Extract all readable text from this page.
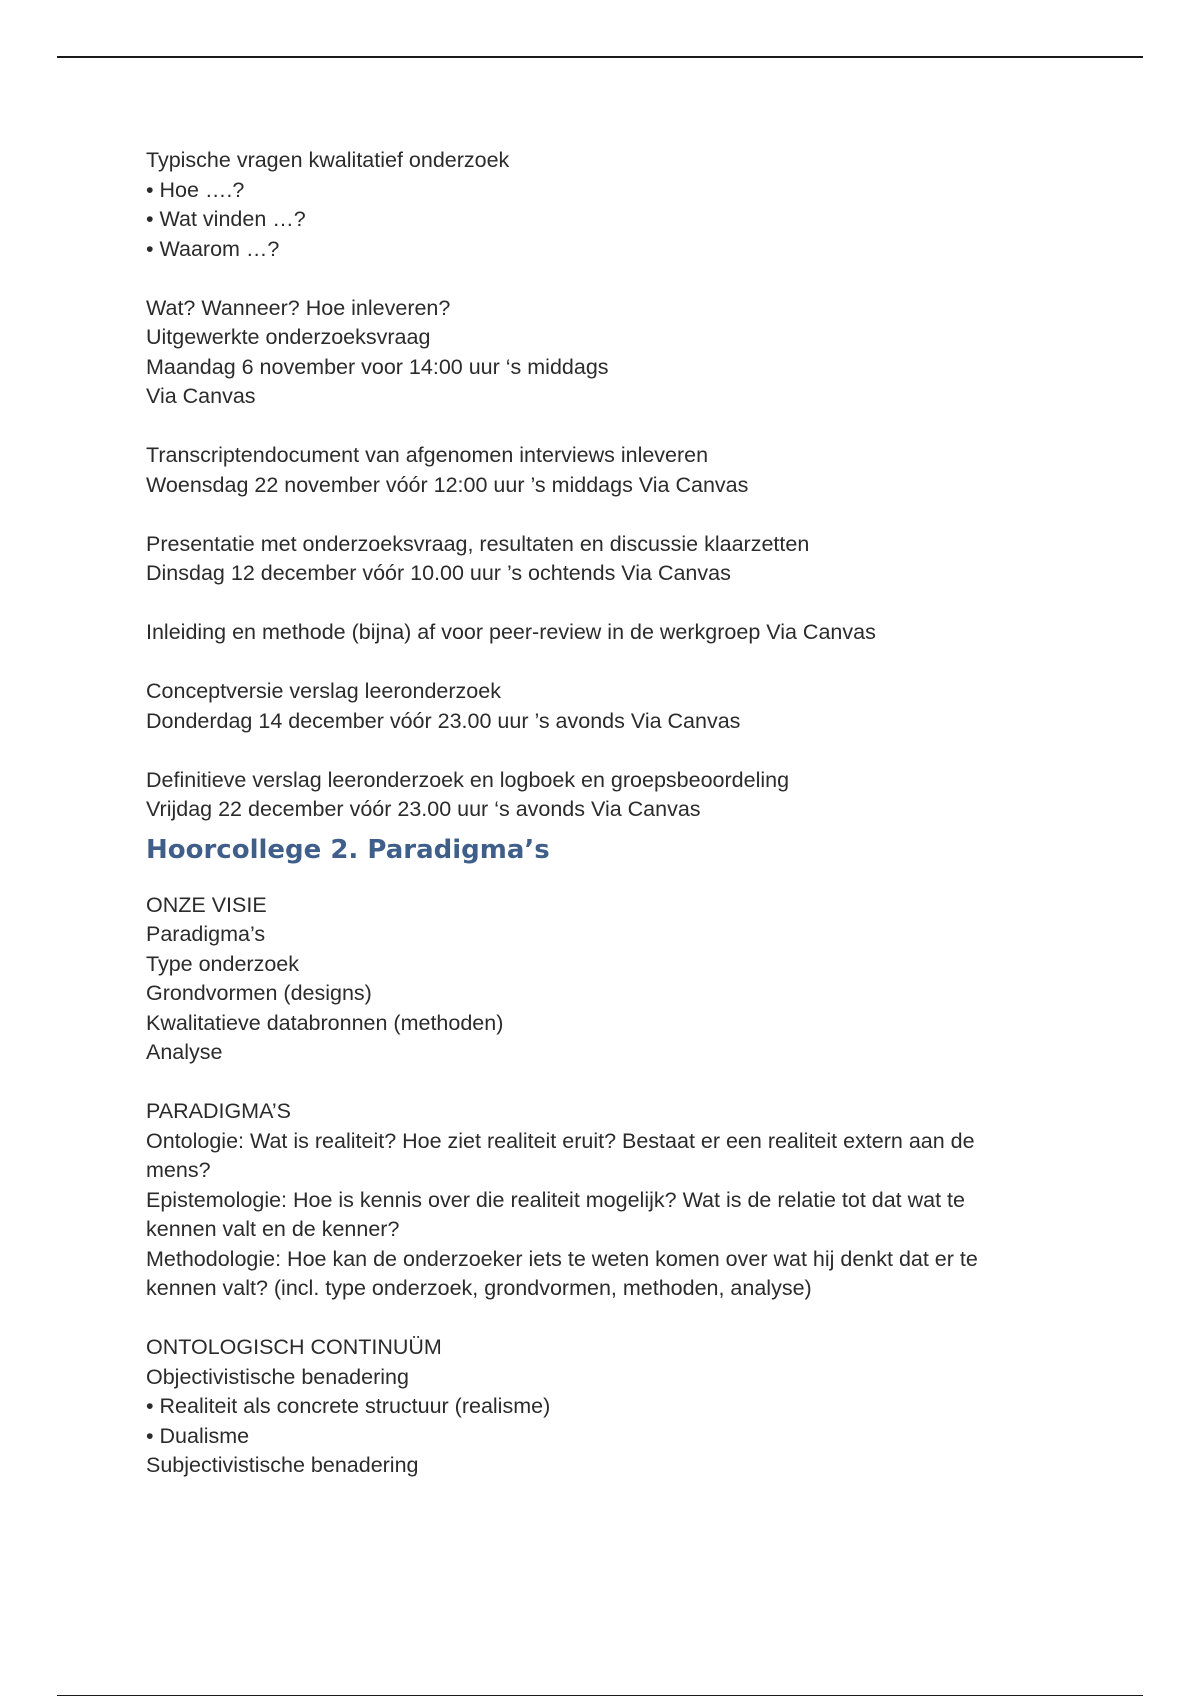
Typische vragen kwalitatief onderzoek

• Hoe ….?

• Wat vinden …?

• Waarom …?

Wat? Wanneer? Hoe inleveren?

Uitgewerkte onderzoeksvraag

Maandag 6 november voor 14:00 uur ‘s middags

Via Canvas

Transcriptendocument van afgenomen interviews inleveren

Woensdag 22 november vóór 12:00 uur ’s middags Via Canvas

Presentatie met onderzoeksvraag, resultaten en discussie klaarzetten

Dinsdag 12 december vóór 10.00 uur ’s ochtends Via Canvas

Inleiding en methode (bijna) af voor peer-review in de werkgroep Via Canvas

Conceptversie verslag leeronderzoek

Donderdag 14 december vóór 23.00 uur ’s avonds Via Canvas

Definitieve verslag leeronderzoek en logboek en groepsbeoordeling

Vrijdag 22 december vóór 23.00 uur ‘s avonds Via Canvas

Hoorcollege 2. Paradigma’s

ONZE VISIE

Paradigma’s

Type onderzoek

Grondvormen (designs)

Kwalitatieve databronnen (methoden)

Analyse

PARADIGMA’S

Ontologie: Wat is realiteit? Hoe ziet realiteit eruit? Bestaat er een realiteit extern aan de mens?

Epistemologie: Hoe is kennis over die realiteit mogelijk? Wat is de relatie tot dat wat te kennen valt en de kenner?

Methodologie: Hoe kan de onderzoeker iets te weten komen over wat hij denkt dat er te kennen valt? (incl. type onderzoek, grondvormen, methoden, analyse)

ONTOLOGISCH CONTINUÜM

Objectivistische benadering

• Realiteit als concrete structuur (realisme)

• Dualisme

Subjectivistische benadering
